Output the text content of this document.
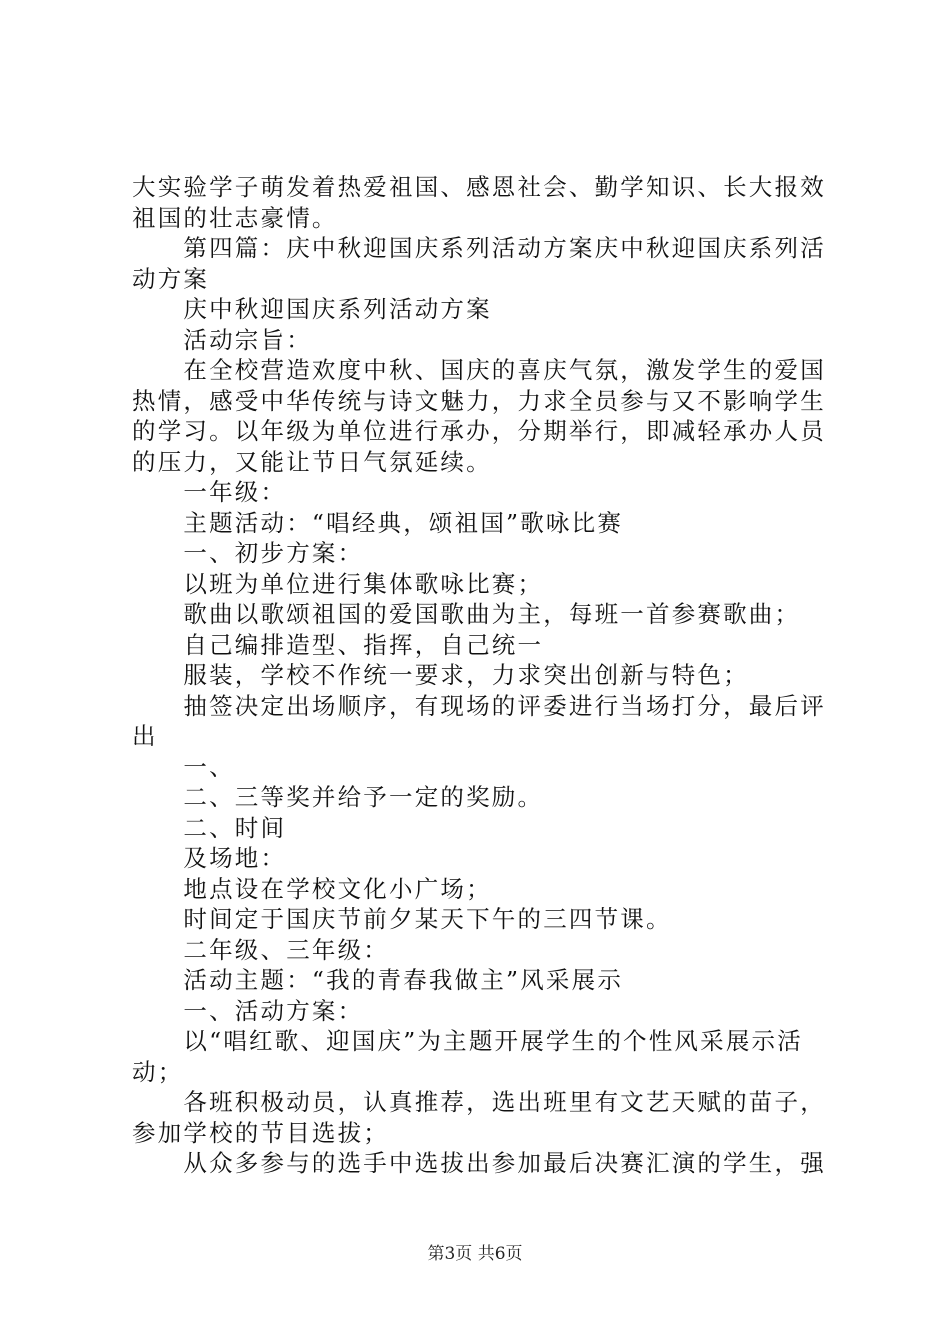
大实验学子萌发着热爱祖国、感恩社会、勤学知识、长大报效

祖国的壮志豪情。

　　第四篇：庆中秋迎国庆系列活动方案庆中秋迎国庆系列活

动方案

　　庆中秋迎国庆系列活动方案

　　活动宗旨：

　　在全校营造欢度中秋、国庆的喜庆气氛，激发学生的爱国

热情，感受中华传统与诗文魅力，力求全员参与又不影响学生

的学习。以年级为单位进行承办，分期举行，即减轻承办人员

的压力，又能让节日气氛延续。

　　一年级：

　　主题活动：“唱经典，颂祖国”歌咏比赛

　　一、初步方案：

　　以班为单位进行集体歌咏比赛；

　　歌曲以歌颂祖国的爱国歌曲为主，每班一首参赛歌曲；

　　自己编排造型、指挥，自己统一

　　服装，学校不作统一要求，力求突出创新与特色；

　　抽签决定出场顺序，有现场的评委进行当场打分，最后评

出

　　一、

　　二、三等奖并给予一定的奖励。

　　二、时间

　　及场地：

　　地点设在学校文化小广场；

　　时间定于国庆节前夕某天下午的三四节课。

　　二年级、三年级：

　　活动主题：“我的青春我做主”风采展示

　　一、活动方案：

　　以“唱红歌、迎国庆”为主题开展学生的个性风采展示活

动；

　　各班积极动员，认真推荐，选出班里有文艺天赋的苗子，

参加学校的节目选拔；

　　从众多参与的选手中选拔出参加最后决赛汇演的学生，强

第3页 共6页
